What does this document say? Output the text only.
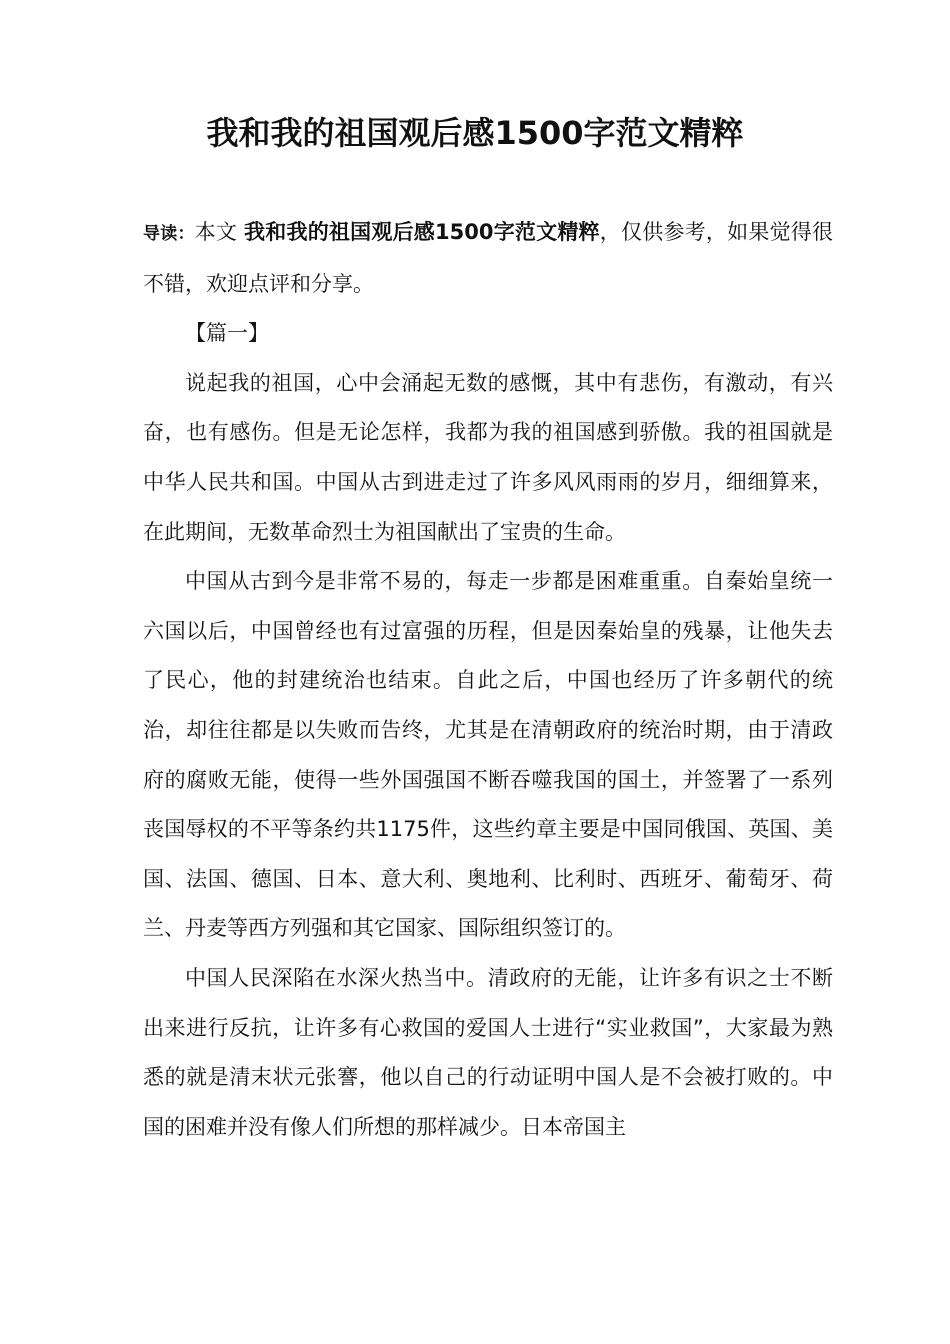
我和我的祖国观后感1500字范文精粹

导读：本文 我和我的祖国观后感1500字范文精粹，仅供参考，如果觉得很不错，欢迎点评和分享。

【篇一】

说起我的祖国，心中会涌起无数的感慨，其中有悲伤，有激动，有兴奋，也有感伤。但是无论怎样，我都为我的祖国感到骄傲。我的祖国就是中华人民共和国。中国从古到进走过了许多风风雨雨的岁月，细细算来，在此期间，无数革命烈士为祖国献出了宝贵的生命。

中国从古到今是非常不易的，每走一步都是困难重重。自秦始皇统一六国以后，中国曾经也有过富强的历程，但是因秦始皇的残暴，让他失去了民心，他的封建统治也结束。自此之后，中国也经历了许多朝代的统治，却往往都是以失败而告终，尤其是在清朝政府的统治时期，由于清政府的腐败无能，使得一些外国强国不断吞噬我国的国土，并签署了一系列丧国辱权的不平等条约共1175件，这些约章主要是中国同俄国、英国、美国、法国、德国、日本、意大利、奥地利、比利时、西班牙、葡萄牙、荷兰、丹麦等西方列强和其它国家、国际组织签订的。

中国人民深陷在水深火热当中。清政府的无能，让许多有识之士不断出来进行反抗，让许多有心救国的爱国人士进行“实业救国”，大家最为熟悉的就是清末状元张謇，他以自己的行动证明中国人是不会被打败的。中国的困难并没有像人们所想的那样减少。日本帝国主
